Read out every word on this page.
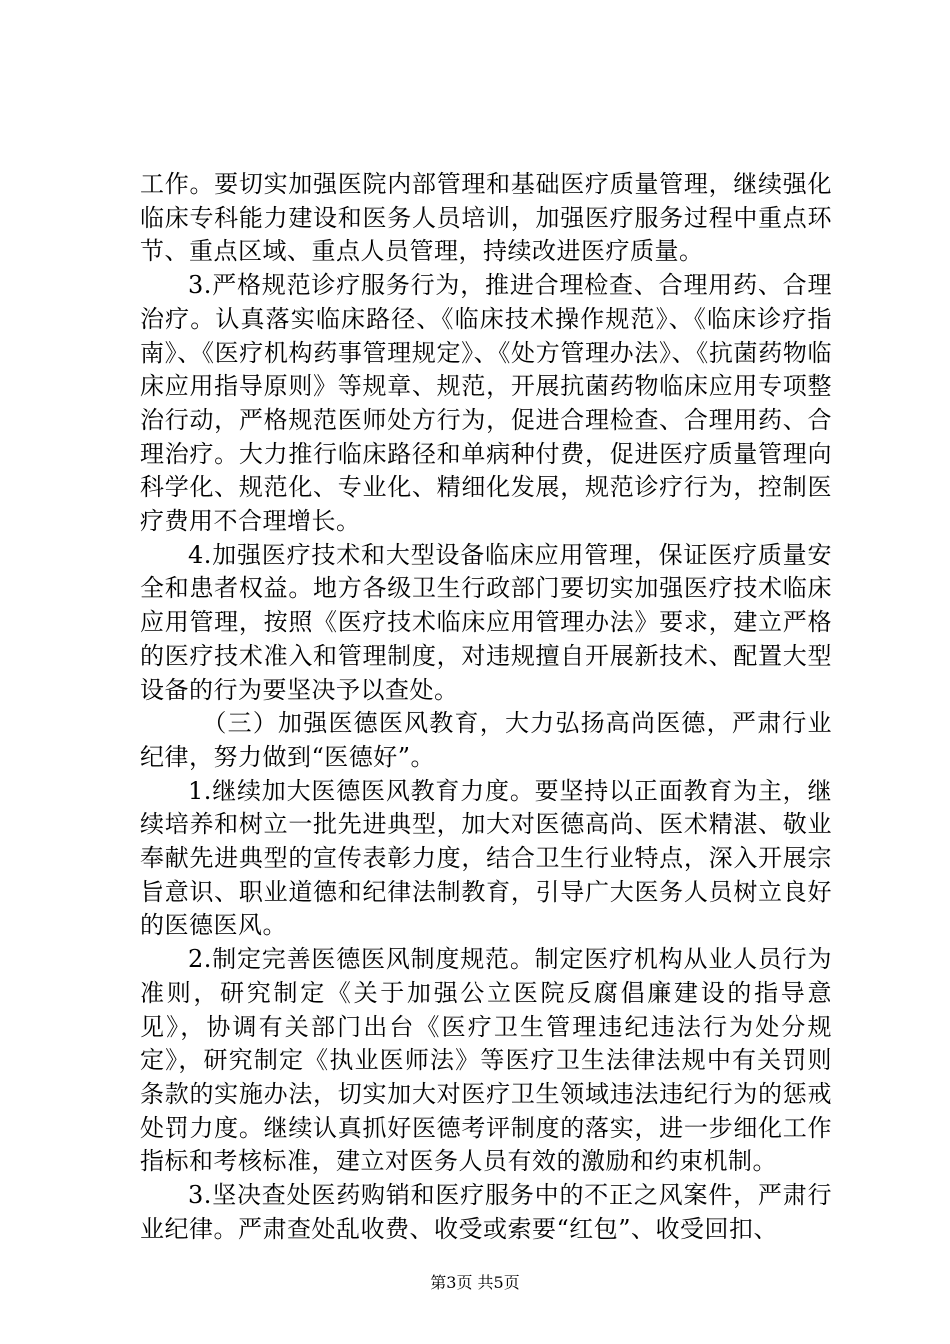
工作。要切实加强医院内部管理和基础医疗质量管理，继续强化临床专科能力建设和医务人员培训，加强医疗服务过程中重点环节、重点区域、重点人员管理，持续改进医疗质量。

3.严格规范诊疗服务行为，推进合理检查、合理用药、合理治疗。认真落实临床路径、《临床技术操作规范》、《临床诊疗指南》、《医疗机构药事管理规定》、《处方管理办法》、《抗菌药物临床应用指导原则》等规章、规范，开展抗菌药物临床应用专项整治行动，严格规范医师处方行为，促进合理检查、合理用药、合理治疗。大力推行临床路径和单病种付费，促进医疗质量管理向科学化、规范化、专业化、精细化发展，规范诊疗行为，控制医疗费用不合理增长。

4.加强医疗技术和大型设备临床应用管理，保证医疗质量安全和患者权益。地方各级卫生行政部门要切实加强医疗技术临床应用管理，按照《医疗技术临床应用管理办法》要求，建立严格的医疗技术准入和管理制度，对违规擅自开展新技术、配置大型设备的行为要坚决予以查处。

（三）加强医德医风教育，大力弘扬高尚医德，严肃行业纪律，努力做到“医德好”。

1.继续加大医德医风教育力度。要坚持以正面教育为主，继续培养和树立一批先进典型，加大对医德高尚、医术精湛、敬业奉献先进典型的宣传表彰力度，结合卫生行业特点，深入开展宗旨意识、职业道德和纪律法制教育，引导广大医务人员树立良好的医德医风。

2.制定完善医德医风制度规范。制定医疗机构从业人员行为准则，研究制定《关于加强公立医院反腐倡廉建设的指导意见》，协调有关部门出台《医疗卫生管理违纪违法行为处分规定》，研究制定《执业医师法》等医疗卫生法律法规中有关罚则条款的实施办法，切实加大对医疗卫生领域违法违纪行为的惩戒处罚力度。继续认真抓好医德考评制度的落实，进一步细化工作指标和考核标准，建立对医务人员有效的激励和约束机制。

3.坚决查处医药购销和医疗服务中的不正之风案件，严肃行业纪律。严肃查处乱收费、收受或索要“红包”、收受回扣、

第3页 共5页
